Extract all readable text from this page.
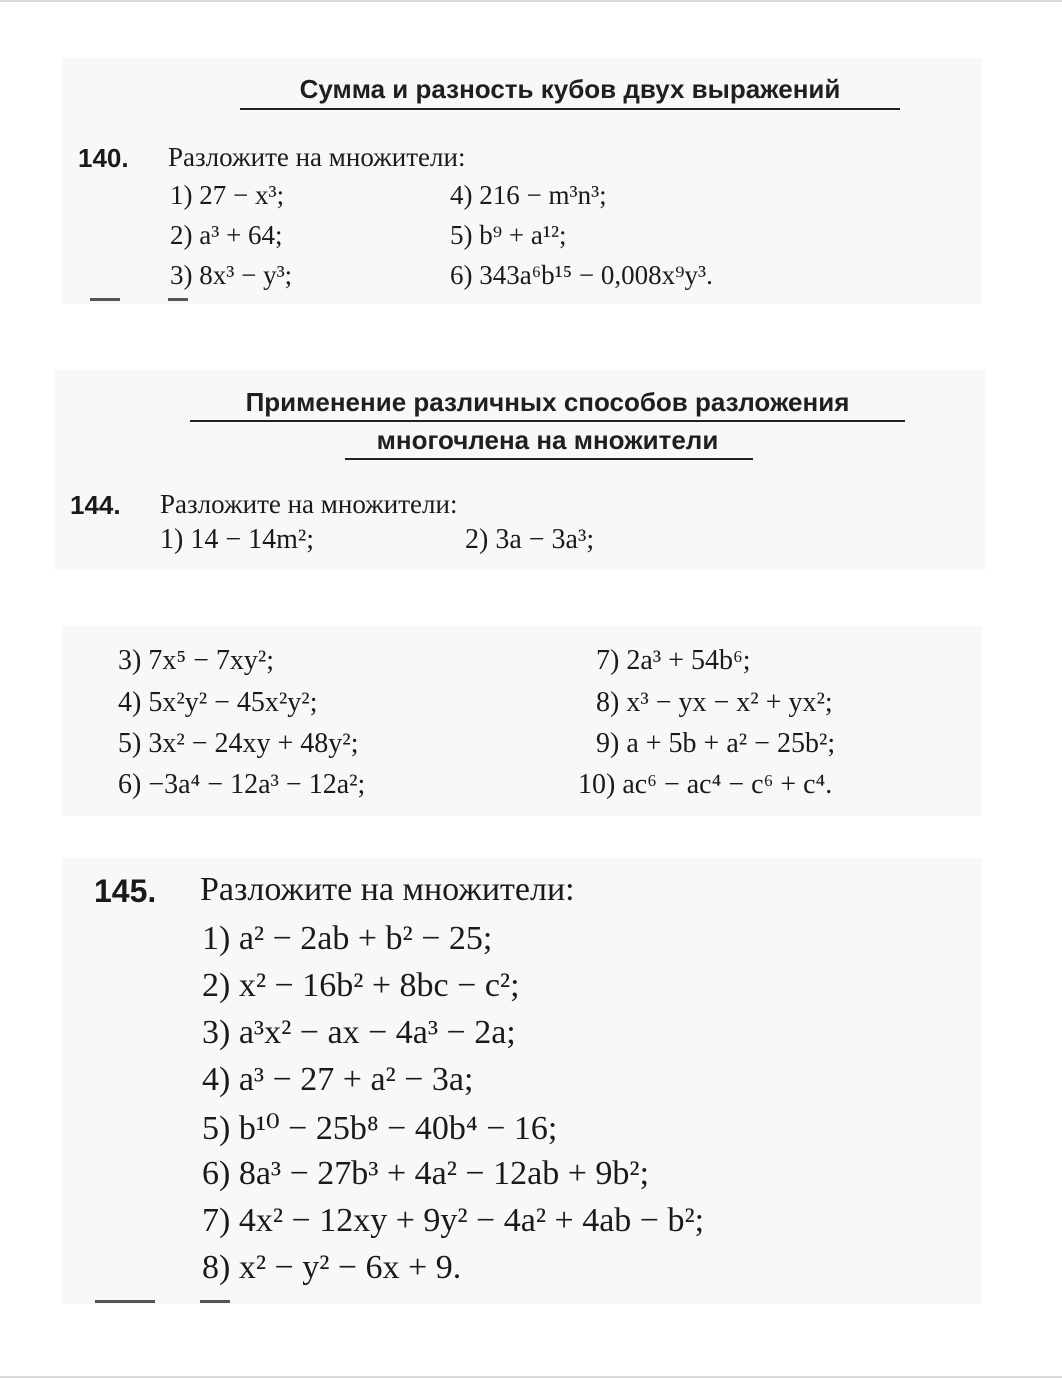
Сумма и разность кубов двух выражений
140. Разложите на множители:
1) 27 − x³;
2) a³ + 64;
3) 8x³ − y³;
4) 216 − m³n³;
5) b⁹ + a¹²;
6) 343a⁶b¹⁵ − 0,008x⁹y³.
Применение различных способов разложения
многочлена на множители
144. Разложите на множители:
1) 14 − 14m²;	2) 3a − 3a³;
3) 7x⁵ − 7xy²;
4) 5x²y² − 45x²y²;
5) 3x² − 24xy + 48y²;
6) −3a⁴ − 12a³ − 12a²;
7) 2a³ + 54b⁶;
8) x³ − yx − x² + yx²;
9) a + 5b + a² − 25b²;
10) ac⁶ − ac⁴ − c⁶ + c⁴.
145. Разложите на множители:
1) a² − 2ab + b² − 25;
2) x² − 16b² + 8bc − c²;
3) a³x² − ax − 4a³ − 2a;
4) a³ − 27 + a² − 3a;
5) b¹⁰ − 25b⁸ − 40b⁴ − 16;
6) 8a³ − 27b³ + 4a² − 12ab + 9b²;
7) 4x² − 12xy + 9y² − 4a² + 4ab − b²;
8) x² − y² − 6x + 9.
